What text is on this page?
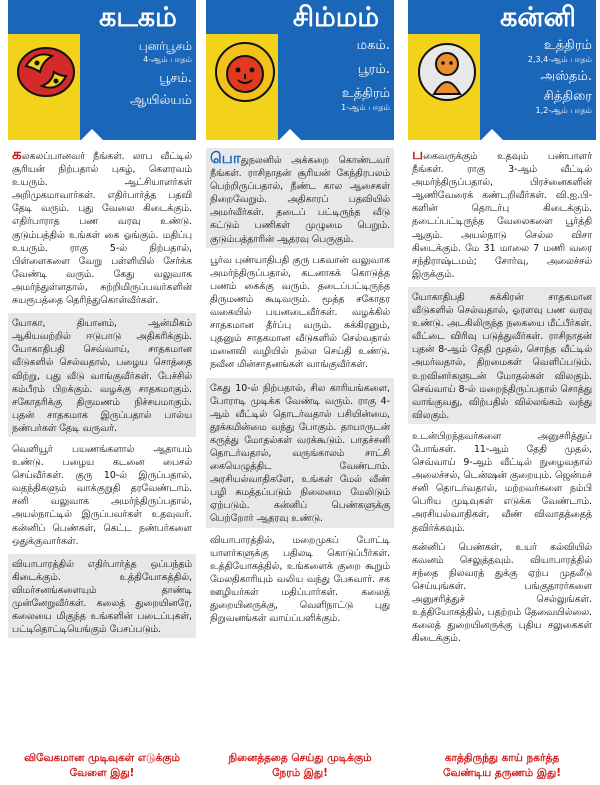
கடகம்
புனர்பூசம்
4-ஆம் பாதம்
பூசம்.
ஆயில்யம்

கலகலப்பானவர் நீங்கள். லாப வீட்டில் சூரியன் நிற்பதால் புகழ், கௌரவம் உயரும். ஆட்சியாளர்கள் அறிமுகமாவார்கள். எதிர்பார்த்த பதவி தேடி வரும். புது வேலை கிடைக்கும். எதிர்பாராத பண வரவு உண்டு. குடும்பத்தில் உங்கள் கை ஓங்கும். மதிப்பு உயரும். ராகு 5-ல் நிற்பதால், பிள்ளைகளை வேறு பள்ளியில் சேர்க்க வேண்டி வரும். கேது வலுவாக அமர்ந்துள்ளதால், சுற்றிமிருப்பவர்களின் சுயரூபத்தை தெரிந்துகொள்வீர்கள்.

யோகா, தியானம், ஆன்மிகம் ஆகியவற்றில் ஈடுபாடு அதிகரிக்கும். யோகாதிபதி செவ்வாய், சாதகமான வீடுகளில் செல்வதால், பழைய சொத்தை விற்று, புது வீடு வாங்குவீர்கள். பேச்சில் கம்பீரம் பிறக்கும். வழக்கு சாதகமாகும். சகோதரிக்கு திருமணம் நிச்சயமாகும். புதன் சாதகமாக இருப்பதால் பால்ய நண்பர்கள் தேடி வருவர்.

வெளியூர் பயணங்களால் ஆதாயம் உண்டு. பழைய கடனை பைசல் செய்வீர்கள். குரு 10-ல் இருப்பதால், வதந்திகளும் வாக்குறுதி தரவேண்டாம். சனி வலுவாக அமர்ந்திருப்பதால், அயல்நாட்டில் இருப்பவர்கள் உதவுவர். கன்னிப் பெண்கள், கெட்ட நண்பர்களை ஒதுக்குவார்கள்.

வியாபாரத்தில் எதிர்பார்த்த ஒப்பந்தம் கிடைக்கும். உத்தியோகத்தில், விமர்சனங்களையும் தாண்டி முன்னேறுவீர்கள். கலைத் துறையினரே, கலையை மிகுந்த உங்களின் படைப்புகள், பட்டிதொட்டியெங்கும் பேசப்படும்.

விவேகமான முடிவுகள் எடுக்கும்
வேளை இது!
சிம்மம்
மகம்.
பூரம்.
உத்திரம்
1-ஆம் பாதம்

பொதுநலனில் அக்கறை கொண்டவர் நீங்கள். ராசிநாதன் சூரியன் கேந்திரபலம் பெற்றிருப்பதால், நீண்ட கால ஆசைகள் நிறைவேறும். அதிகாரப் பதவியில் அமர்வீர்கள். தடைப் பட்டிருந்த வீடு கட்டும் பணிகள் முழுமை பெறும். குடும்பத்தாரின் ஆதரவு பெருகும்.

பூர்வ புண்யாதிபதி குரு பகவான் வலுவாக அமர்ந்திருப்பதால், கடனாகக் கொடுத்த பணம் கைக்கு வரும். தடைப்பட்டிருந்த திருமணம் கூடிவரும். மூத்த சகோதர வகையில் பயனடைவீர்கள். வழக்கில் சாதகமான தீர்ப்பு வரும். சுக்கிரனும், புதனும் சாதகமான வீடுகளில் செல்வதால் மனைவி வழியில் நல்ல செய்தி உண்டு. நவீன மின்சாதனங்கள் வாங்குவீர்கள்.

கேது 10-ல் நிற்பதால், சில காரியங்களை, போராடி முடிக்க வேண்டி வரும். ராகு 4-ஆம் வீட்டில் தொடர்வதால் பசியின்மை, தூக்கமின்மை வந்து போகும். தாயாருடன் கருத்து மோதல்கள் வரக்கூடும். பாதச்சனி தொடர்வதால், வருங்காலம் சாட்சி கையெழுத்திட வேண்டாம். அரசியல்வாதிகளே, உங்கள் மேல் வீண் பழி சுமத்தப்படும் நிலைமை மேலிடும் ஏற்படும். கன்னிப் பெண்களுக்கு பெற்றோர் ஆதரவு உண்டு.

வியாபாரத்தில், மறைமுகப் போட்டி யாளர்களுக்கு பதிலடி கொடுப்பீர்கள். உத்தியோகத்தில், உங்களைக் குறை கூறும் மேலதிகாரியும் வலிய வந்து பேசுவார். சக ஊழியர்கள் மதிப்பார்கள். கலைத் துறையினருக்கு, வெளிநாட்டு புது நிறுவனங்கள் வாய்ப்பளிக்கும்.

நினைத்ததை செய்து முடிக்கும்
நேரம் இது!
கன்னி
உத்திரம்
2,3,4-ஆம் பாதம்
அஸ்தம்.
சித்திரை
1,2-ஆம் பாதம்

பகைவருக்கும் உதவும் பண்பாளர் நீங்கள். ராகு 3-ஆம் வீட்டில் அமர்ந்திருப்பதால், பிரச்னைகளின் ஆணிவேரைக் கண்டறிவீர்கள். வி.ஐ.பி-களின் தொடர்பு கிடைக்கும். தடைப்பட்டிருந்த வேலைகளை பூர்த்தி ஆகும். அயல்நாடு செல்ல விசா கிடைக்கும். மே 31 மாலை 7 மணி வரை சந்திராஷ்டமம்; சோர்வு, அலைச்சல் இருக்கும்.

யோகாதிபதி சுக்கிரன் சாதகமான வீடுகளில் செல்வதால், ஓரளவு பண வரவு உண்டு. அடகிலிருந்த நகையை மீட்பீர்கள். வீட்டை விரிவு படுத்துவீர்கள். ராசிநாதன் புதன் 8-ஆம் தேதி முதல், சொந்த வீட்டில் அமர்வதால், திறமைகள் வெளிப்படும். உறவினர்களுடன் மோதல்கள் விலகும். செவ்வாய் 8-ல் மறைந்திருப்பதால் சொத்து வாங்குவது, விற்பதில் வில்லங்கம் வந்து விலகும்.

உடன்பிறந்தவர்களை அனுசரித்துப் போங்கள். 11-ஆம் தேதி முதல், செவ்வாய் 9-ஆம் வீட்டில் நுழைவதால் அலைச்சல், டென்ஷன் குறையும். ஜென்மச் சனி தொடர்வதால், மற்றவர்களை நம்பி பெரிய முடிவுகள் எடுக்க வேண்டாம். அரசியல்வாதிகள், வீண் விவாதத்தைத் தவிர்க்கவும்.

கன்னிப் பெண்கள், உயர் கல்வியில் கவனம் செலுத்தவும். வியாபாரத்தில் சந்தை நிலவரத் துக்கு ஏற்ப முதலீடு செய்யுங்கள். பங்குதாரர்களை அனுசரித்துச் செல்லுங்கள். உத்தியோகத்தில், பதற்றம் தேவையில்லை. கலைத் துறையினருக்கு புதிய சலுகைகள் கிடைக்கும்.

காத்திருந்து காய் நகர்த்த
வேண்டிய தருணம் இது!
